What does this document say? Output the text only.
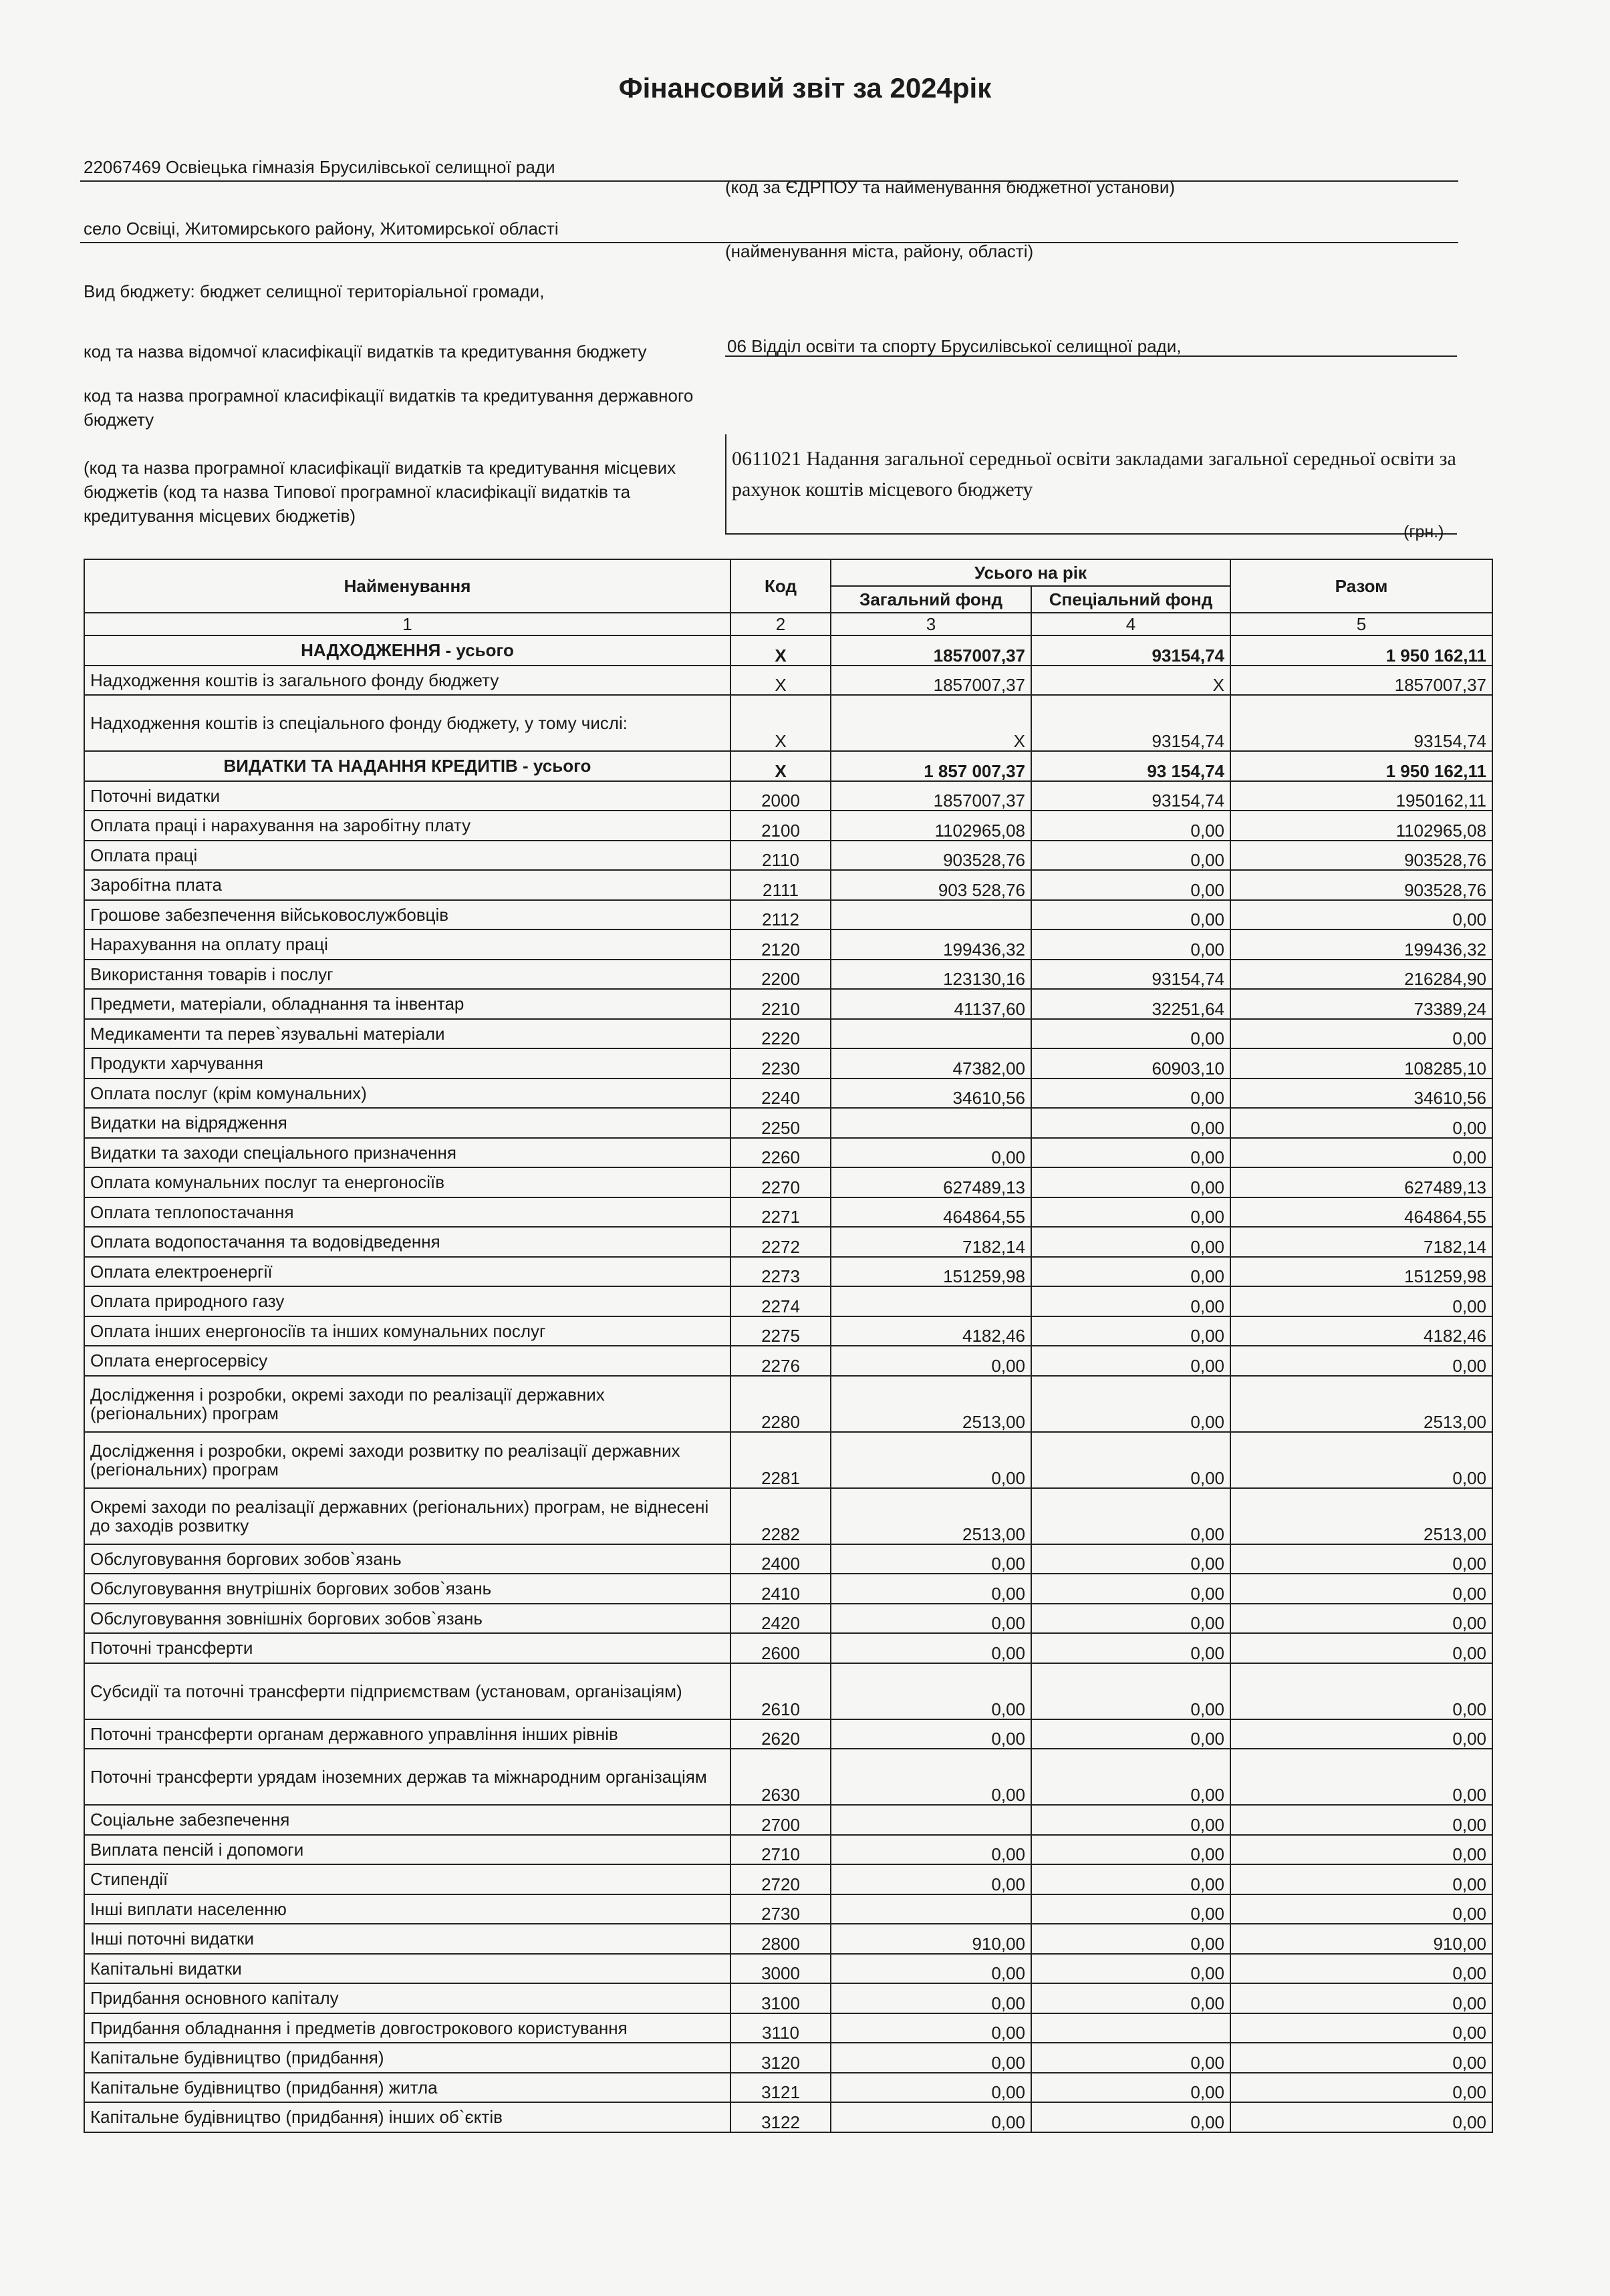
Фінансовий звіт за 2024рік
22067469 Освіецька гімназія Брусилівської селищної ради
(код за ЄДРПОУ та найменування бюджетної установи)
село Освіці, Житомирського району, Житомирської області
(найменування міста, району, області)
Вид бюджету: бюджет селищної територіальної громади,
код та назва відомчої класифікації видатків та кредитування бюджету	06 Відділ освіти та спорту Брусилівської селищної ради,
код та назва програмної класифікації видатків та кредитування державного бюджету
(код та назва програмної класифікації видатків та кредитування місцевих бюджетів (код та назва Типової програмної класифікації видатків та кредитування місцевих бюджетів)
0611021 Надання загальної середньої освіти закладами загальної середньої освіти за рахунок коштів місцевого бюджету
(грн.)
Найменування	Код	Усього на рік		Разом
		Загальний фонд	Спеціальний фонд	
1	2	3	4	5
НАДХОДЖЕННЯ - усього	Х	1857007,37	93154,74	1 950 162,11
Надходження коштів із загального фонду бюджету	Х	1857007,37	Х	1857007,37
Надходження коштів із спеціального фонду бюджету, у тому числі:	Х	Х	93154,74	93154,74
ВИДАТКИ ТА НАДАННЯ КРЕДИТІВ - усього	Х	1 857 007,37	93 154,74	1 950 162,11
Поточні видатки	2000	1857007,37	93154,74	1950162,11
Оплата праці і нарахування на заробітну плату	2100	1102965,08	0,00	1102965,08
Оплата праці	2110	903528,76	0,00	903528,76
Заробітна плата	2111	903 528,76	0,00	903528,76
Грошове забезпечення військовослужбовців	2112		0,00	0,00
Нарахування на оплату праці	2120	199436,32	0,00	199436,32
Використання товарів і послуг	2200	123130,16	93154,74	216284,90
Предмети, матеріали, обладнання та інвентар	2210	41137,60	32251,64	73389,24
Медикаменти та перев`язувальні матеріали	2220		0,00	0,00
Продукти харчування	2230	47382,00	60903,10	108285,10
Оплата послуг (крім комунальних)	2240	34610,56	0,00	34610,56
Видатки на відрядження	2250		0,00	0,00
Видатки та заходи спеціального призначення	2260	0,00	0,00	0,00
Оплата комунальних послуг та енергоносіїв	2270	627489,13	0,00	627489,13
Оплата теплопостачання	2271	464864,55	0,00	464864,55
Оплата водопостачання та водовідведення	2272	7182,14	0,00	7182,14
Оплата електроенергії	2273	151259,98	0,00	151259,98
Оплата природного газу	2274		0,00	0,00
Оплата інших енергоносіїв та інших комунальних послуг	2275	4182,46	0,00	4182,46
Оплата енергосервісу	2276	0,00	0,00	0,00
Дослідження і розробки, окремі заходи по реалізації державних (регіональних) програм	2280	2513,00	0,00	2513,00
Дослідження і розробки, окремі заходи розвитку по реалізації державних (регіональних) програм	2281	0,00	0,00	0,00
Окремі заходи по реалізації державних (регіональних) програм, не віднесені до заходів розвитку	2282	2513,00	0,00	2513,00
Обслуговування боргових зобов`язань	2400	0,00	0,00	0,00
Обслуговування внутрішніх боргових зобов`язань	2410	0,00	0,00	0,00
Обслуговування зовнішніх боргових зобов`язань	2420	0,00	0,00	0,00
Поточні трансферти	2600	0,00	0,00	0,00
Субсидії та поточні трансферти підприємствам (установам, організаціям)	2610	0,00	0,00	0,00
Поточні трансферти органам державного управління інших рівнів	2620	0,00	0,00	0,00
Поточні трансферти урядам іноземних держав та міжнародним організаціям	2630	0,00	0,00	0,00
Соціальне забезпечення	2700		0,00	0,00
Виплата пенсій і допомоги	2710	0,00	0,00	0,00
Стипендії	2720	0,00	0,00	0,00
Інші виплати населенню	2730		0,00	0,00
Інші поточні видатки	2800	910,00	0,00	910,00
Капітальні видатки	3000	0,00	0,00	0,00
Придбання основного капіталу	3100	0,00	0,00	0,00
Придбання обладнання і предметів довгострокового користування	3110	0,00		0,00
Капітальне будівництво (придбання)	3120	0,00	0,00	0,00
Капітальне будівництво (придбання) житла	3121	0,00	0,00	0,00
Капітальне будівництво (придбання) інших об`єктів	3122	0,00	0,00	0,00
